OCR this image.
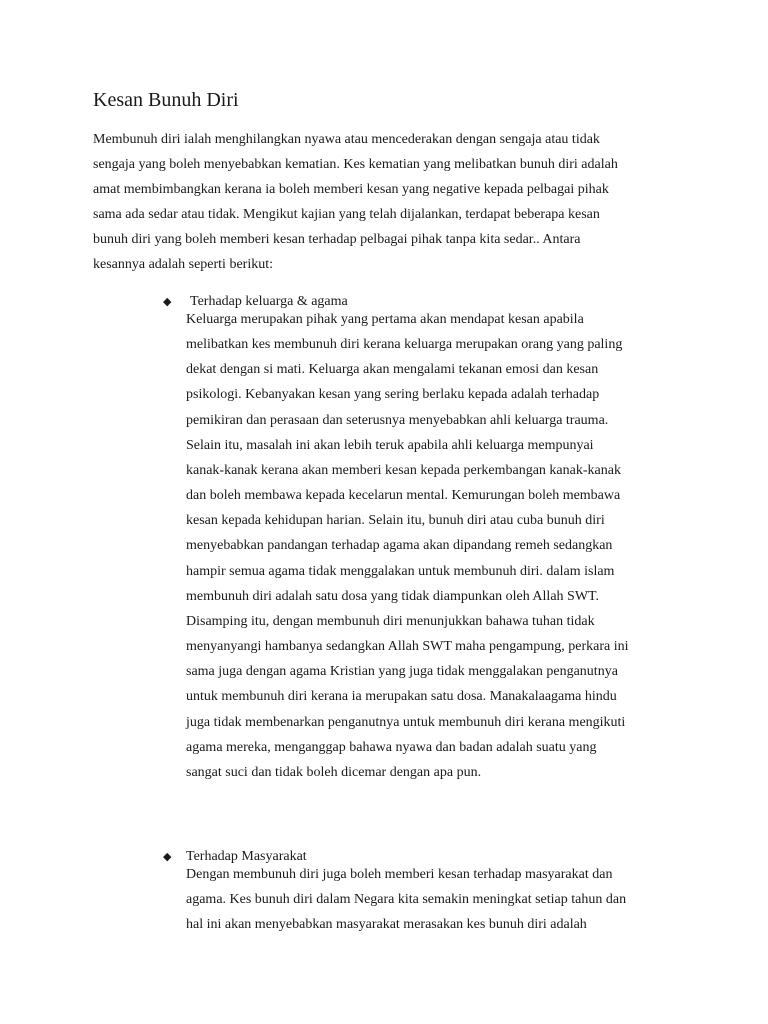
Kesan Bunuh Diri
Membunuh diri ialah menghilangkan nyawa atau mencederakan dengan sengaja atau tidak
sengaja yang boleh menyebabkan kematian. Kes kematian yang melibatkan bunuh diri adalah
amat membimbangkan kerana ia boleh memberi kesan yang negative kepada pelbagai pihak
sama ada sedar atau tidak. Mengikut kajian yang telah dijalankan, terdapat beberapa kesan
bunuh diri yang boleh memberi kesan terhadap pelbagai pihak tanpa kita sedar.. Antara
kesannya adalah seperti berikut:
◆ Terhadap keluarga & agama
Keluarga merupakan pihak yang pertama akan mendapat kesan apabila
melibatkan kes membunuh diri kerana keluarga merupakan orang yang paling
dekat dengan si mati. Keluarga akan mengalami tekanan emosi dan kesan
psikologi. Kebanyakan kesan yang sering berlaku kepada adalah terhadap
pemikiran dan perasaan dan seterusnya menyebabkan ahli keluarga trauma.
Selain itu, masalah ini akan lebih teruk apabila ahli keluarga mempunyai
kanak-kanak kerana akan memberi kesan kepada perkembangan kanak-kanak
dan boleh membawa kepada kecelarun mental. Kemurungan boleh membawa
kesan kepada kehidupan harian. Selain itu, bunuh diri atau cuba bunuh diri
menyebabkan pandangan terhadap agama akan dipandang remeh sedangkan
hampir semua agama tidak menggalakan untuk membunuh diri. dalam islam
membunuh diri adalah satu dosa yang tidak diampunkan oleh Allah SWT.
Disamping itu, dengan membunuh diri menunjukkan bahawa tuhan tidak
menyanyangi hambanya sedangkan Allah SWT maha pengampung, perkara ini
sama juga dengan agama Kristian yang juga tidak menggalakan penganutnya
untuk membunuh diri kerana ia merupakan satu dosa. Manakalaagama hindu
juga tidak membenarkan penganutnya untuk membunuh diri kerana mengikuti
agama mereka, menganggap bahawa nyawa dan badan adalah suatu yang
sangat suci dan tidak boleh dicemar dengan apa pun.
◆ Terhadap Masyarakat
Dengan membunuh diri juga boleh memberi kesan terhadap masyarakat dan
agama. Kes bunuh diri dalam Negara kita semakin meningkat setiap tahun dan
hal ini akan menyebabkan masyarakat merasakan kes bunuh diri adalah
